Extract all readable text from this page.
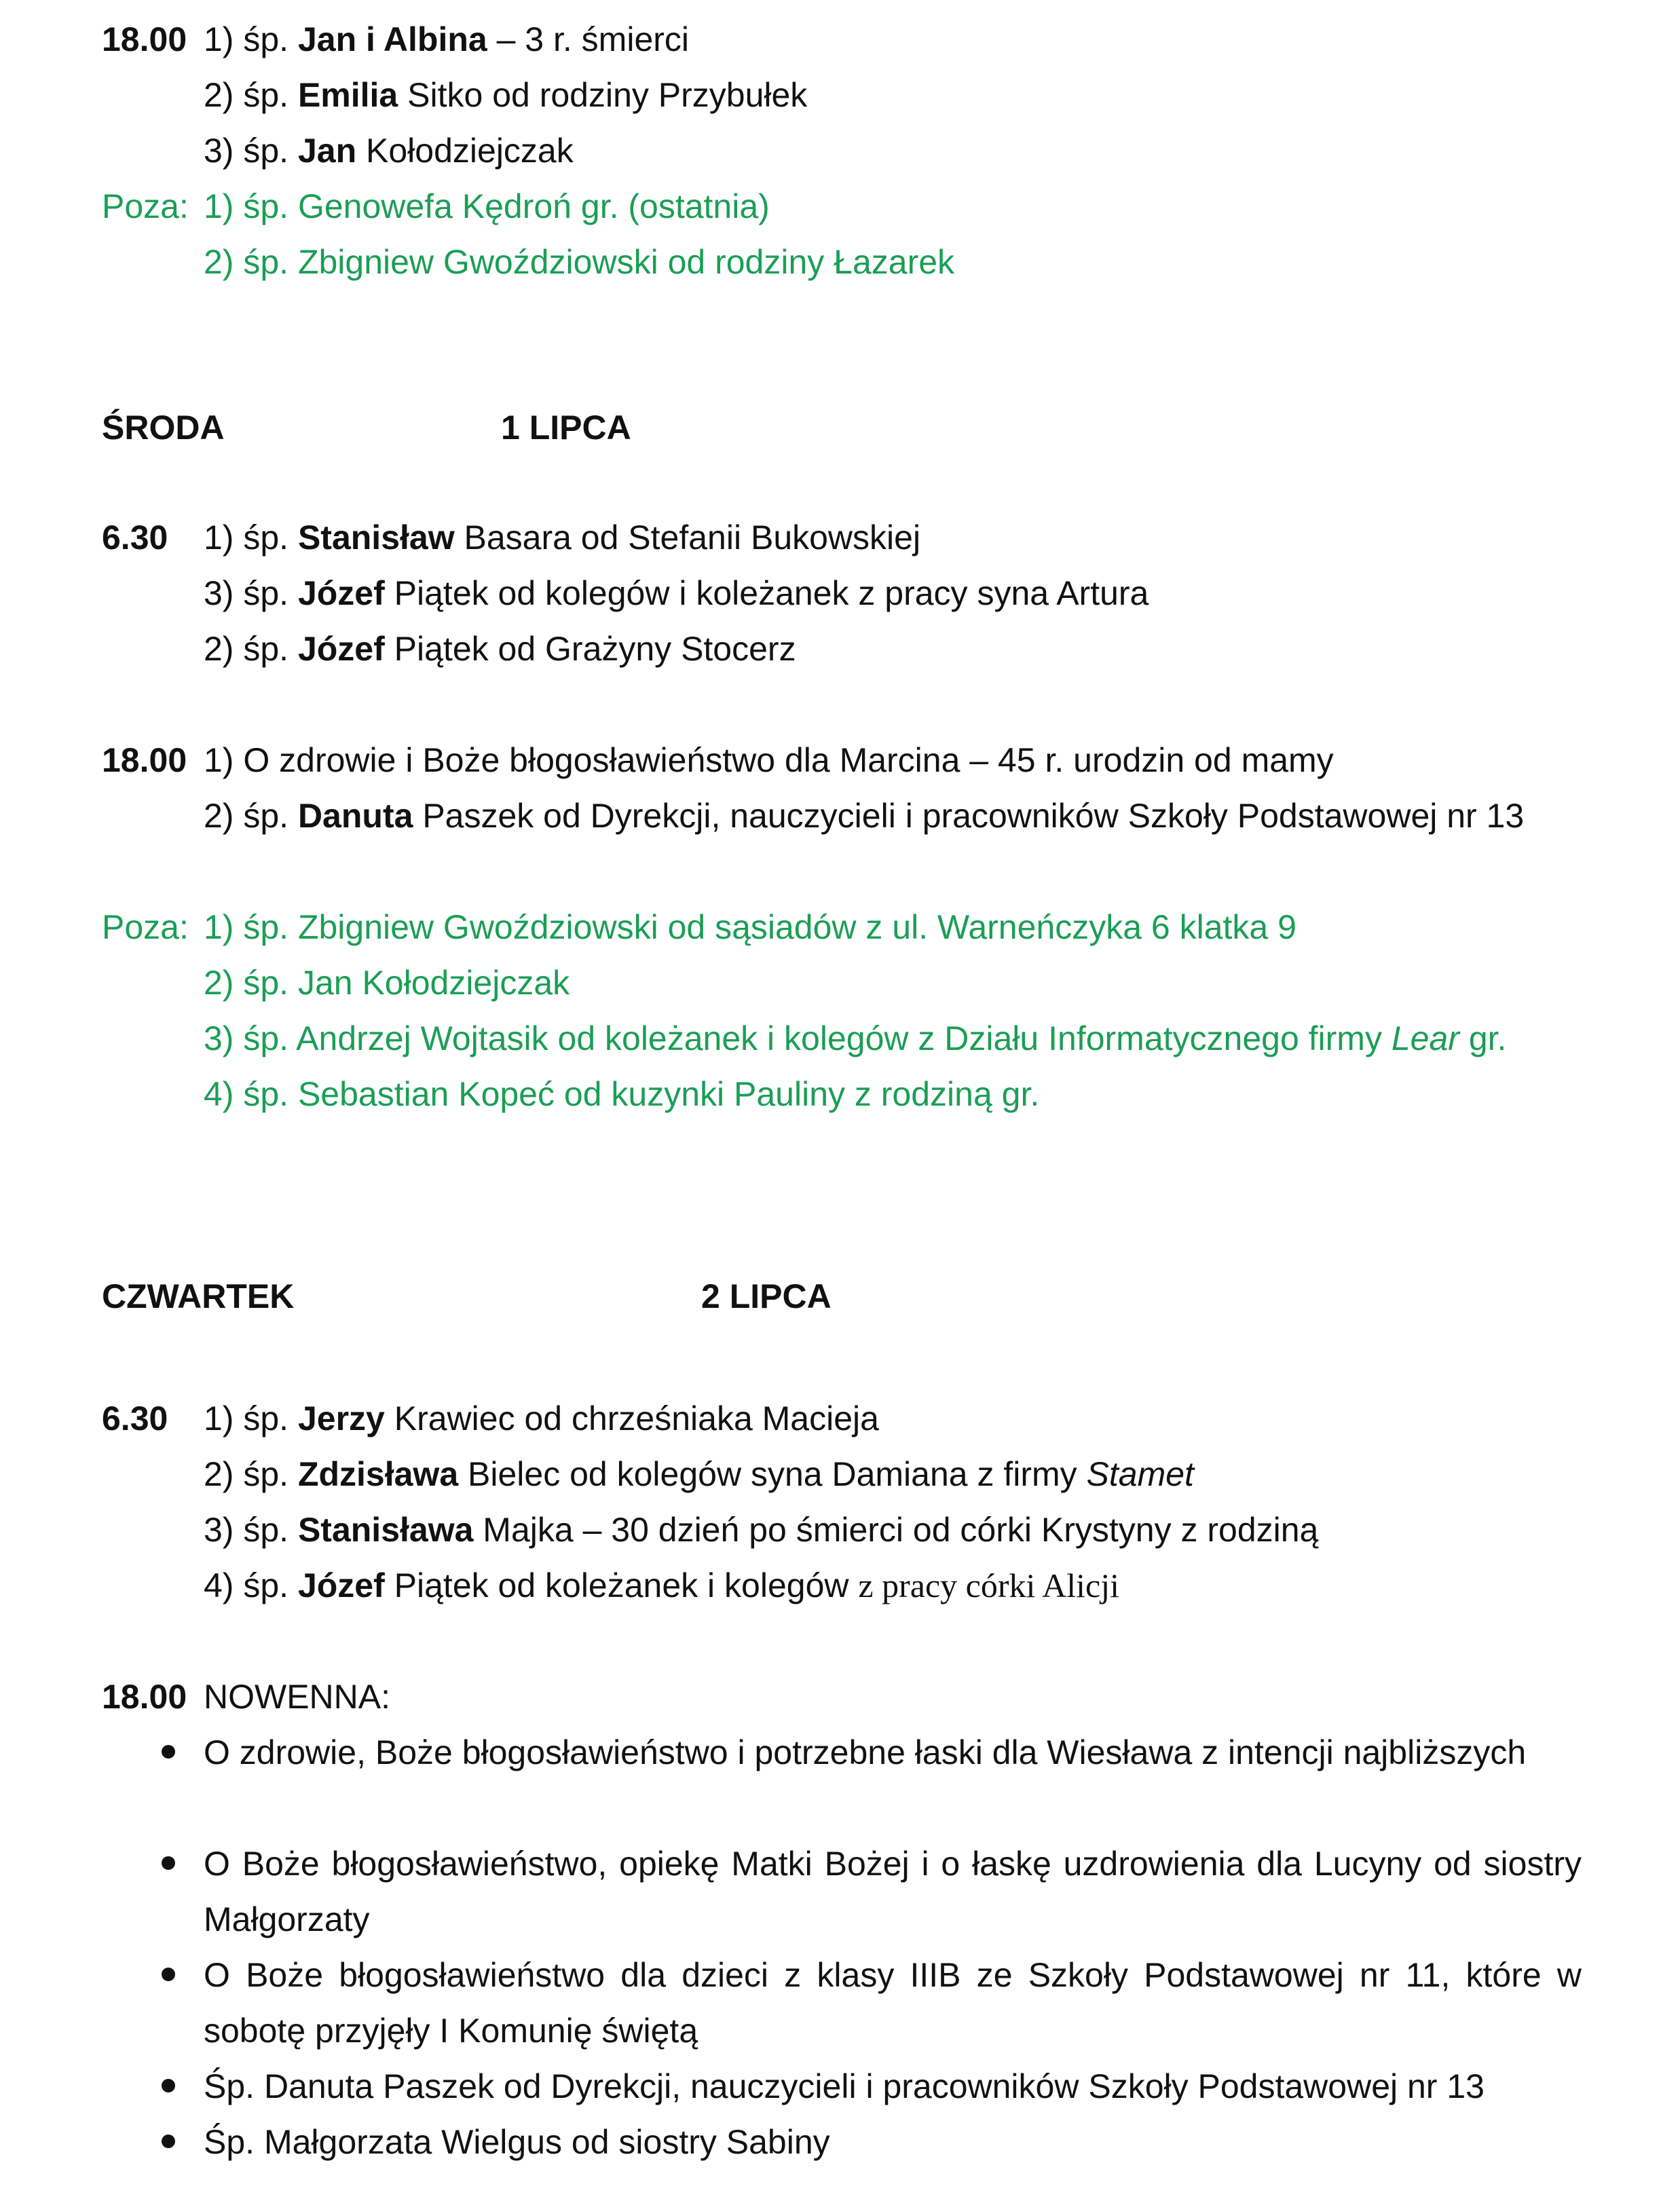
18.00 1) śp. Jan i Albina – 3 r. śmierci
2) śp. Emilia Sitko od rodziny Przybułek
3) śp. Jan Kołodziejczak
Poza: 1) śp. Genowefa Kędroń gr. (ostatnia)
2) śp. Zbigniew Gwoździowski od rodziny Łazarek
ŚRODA	1 LIPCA
6.30	1) śp. Stanisław Basara od Stefanii Bukowskiej
3) śp. Józef Piątek od kolegów i koleżanek z pracy syna Artura
2) śp. Józef Piątek od Grażyny Stocerz
18.00 1) O zdrowie i Boże błogosławieństwo dla Marcina – 45 r. urodzin od mamy
2) śp. Danuta Paszek od Dyrekcji, nauczycieli i pracowników Szkoły Podstawowej nr 13
Poza: 1) śp. Zbigniew Gwoździowski od sąsiadów z ul. Warneńczyka 6 klatka 9
2) śp. Jan Kołodziejczak
3) śp. Andrzej Wojtasik od koleżanek i kolegów z Działu Informatycznego firmy Lear gr.
4) śp. Sebastian Kopeć od kuzynki Pauliny z rodziną gr.
CZWARTEK	2 LIPCA
6.30	1) śp. Jerzy Krawiec od chrześniaka Macieja
2) śp. Zdzisława Bielec od kolegów syna Damiana z firmy Stamet
3) śp. Stanisława Majka – 30 dzień po śmierci od córki Krystyny z rodziną
4) śp. Józef Piątek od koleżanek i kolegów z pracy córki Alicji
18.00 NOWENNA:
O zdrowie, Boże błogosławieństwo i potrzebne łaski dla Wiesława z intencji najbliższych
O Boże błogosławieństwo, opiekę Matki Bożej i o łaskę uzdrowienia dla Lucyny od siostry Małgorzaty
O Boże błogosławieństwo dla dzieci z klasy IIIB ze Szkoły Podstawowej nr 11, które w sobotę przyjęły I Komunię świętą
Śp. Danuta Paszek od Dyrekcji, nauczycieli i pracowników Szkoły Podstawowej nr 13
Śp. Małgorzata Wielgus od siostry Sabiny
